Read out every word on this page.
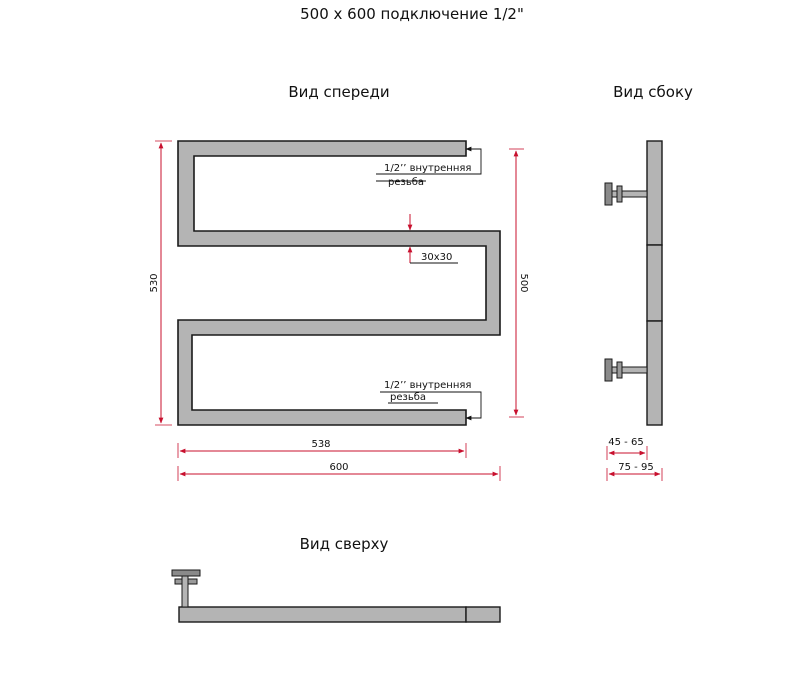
500 x 600 подключение 1/2"
Вид спереди	Вид сбоку
Вид сверху
1/2’’ внутренняя
резьба
30x30
1/2’’ внутренняя
резьба
530	500
538
600
45 - 65
75 - 95
